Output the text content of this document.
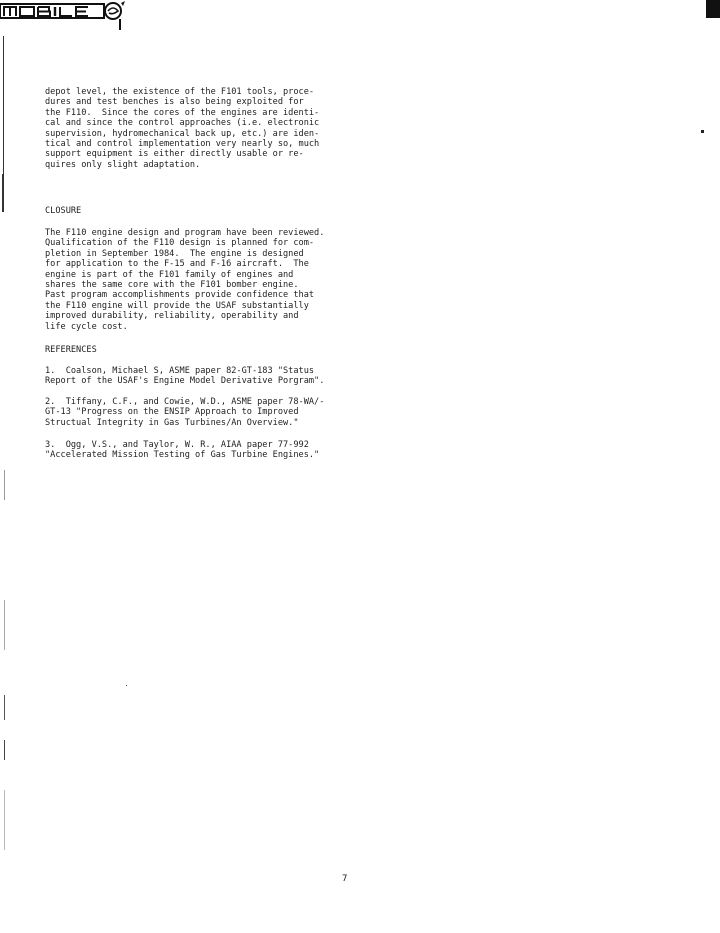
depot level, the existence of the F101 tools, proce-
dures and test benches is also being exploited for
the F110.  Since the cores of the engines are identi-
cal and since the control approaches (i.e. electronic
supervision, hydromechanical back up, etc.) are iden-
tical and control implementation very nearly so, much
support equipment is either directly usable or re-
quires only slight adaptation.
CLOSURE
The F110 engine design and program have been reviewed.
Qualification of the F110 design is planned for com-
pletion in September 1984.  The engine is designed
for application to the F-15 and F-16 aircraft.  The
engine is part of the F101 family of engines and
shares the same core with the F101 bomber engine.
Past program accomplishments provide confidence that
the F110 engine will provide the USAF substantially
improved durability, reliability, operability and
life cycle cost.
REFERENCES
1.  Coalson, Michael S, ASME paper 82-GT-183 "Status
Report of the USAF's Engine Model Derivative Porgram".
2.  Tiffany, C.F., and Cowie, W.D., ASME paper 78-WA/-
GT-13 "Progress on the ENSIP Approach to Improved
Structual Integrity in Gas Turbines/An Overview."
3.  Ogg, V.S., and Taylor, W. R., AIAA paper 77-992
"Accelerated Mission Testing of Gas Turbine Engines."
7
